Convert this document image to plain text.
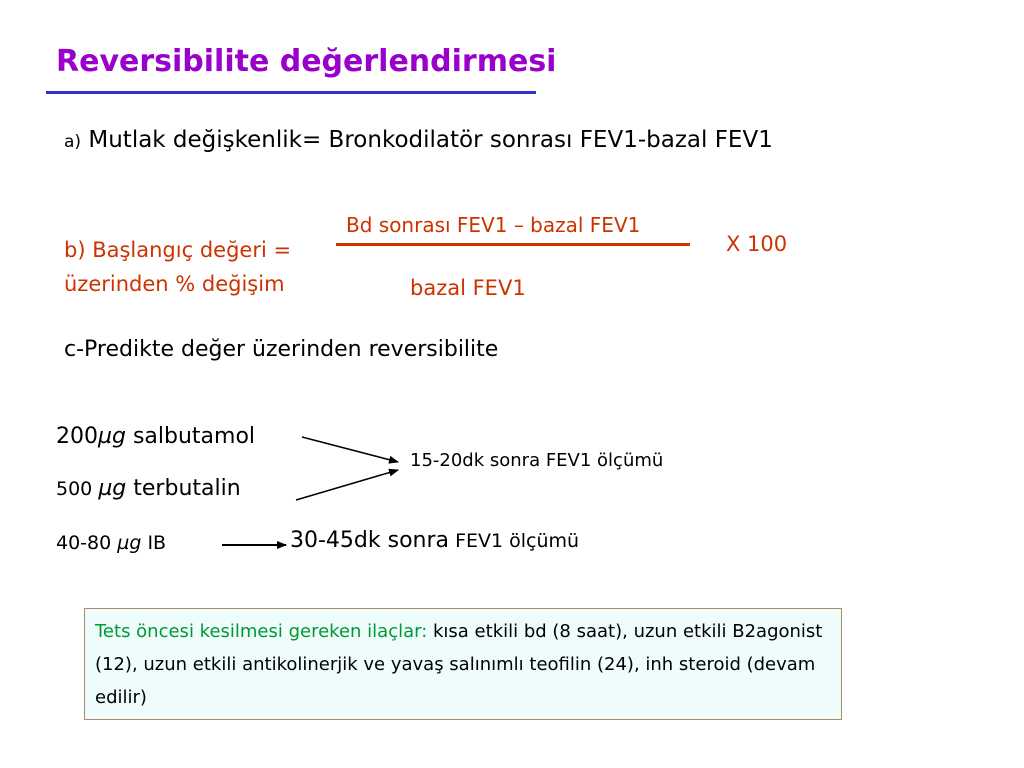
Reversibilite değerlendirmesi
a) Mutlak değişkenlik= Bronkodilatör sonrası FEV1-bazal FEV1
b) Başlangıç değeri =
üzerinden % değişim
Bd sonrası FEV1 – bazal FEV1
X 100
bazal FEV1
c-Predikte değer üzerinden reversibilite
200µg salbutamol
500 µg terbutalin
40-80 µg IB
15-20dk sonra FEV1 ölçümü
30-45dk sonra FEV1 ölçümü
Tets öncesi kesilmesi gereken ilaçlar: kısa etkili bd (8 saat), uzun etkili B2agonist (12), uzun etkili antikolinerjik ve yavaş salınımlı teofilin (24), inh steroid (devam edilir)
